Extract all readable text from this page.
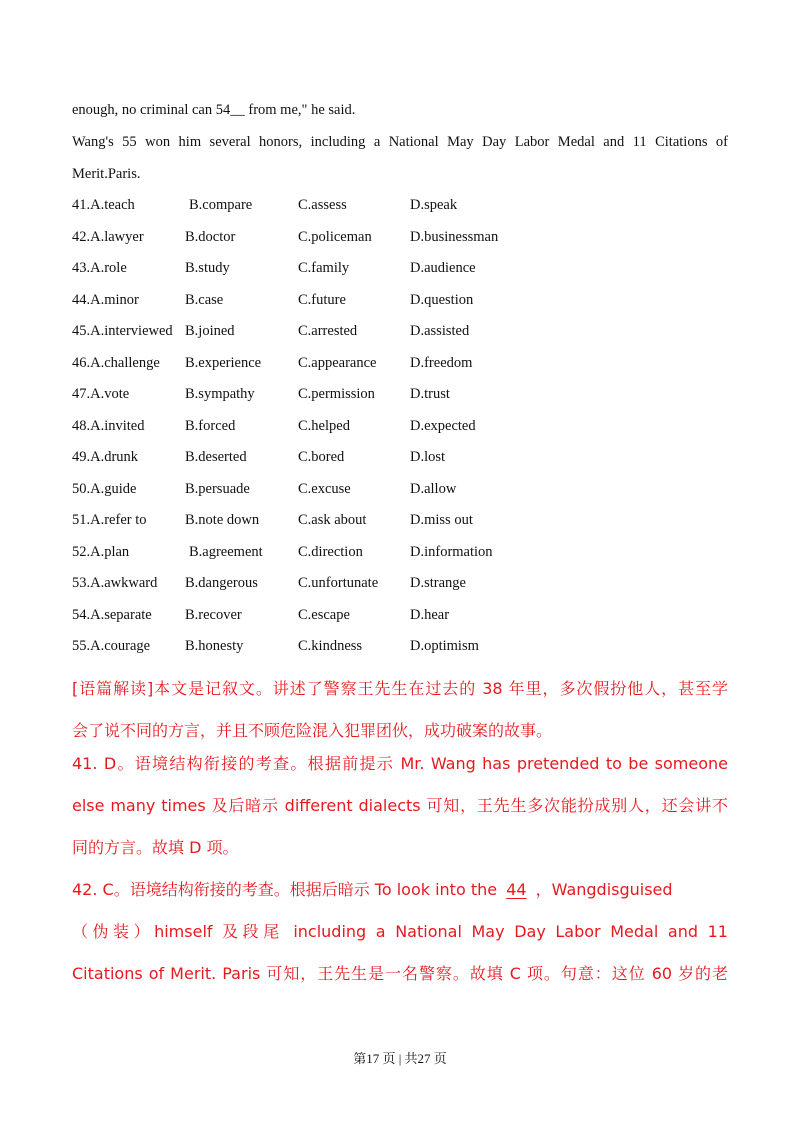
enough, no criminal can 54__ from me," he said.
Wang's 55 won him several honors, including a National May Day Labor Medal and 11 Citations of
Merit.Paris.
41.A.teach	B.compare	C.assess	D.speak
42.A.lawyer	B.doctor	C.policeman	D.businessman
43.A.role	B.study	C.family	D.audience
44.A.minor	B.case	C.future	D.question
45.A.interviewed B.joined	C.arrested	D.assisted
46.A.challenge B.experience	C.appearance D.freedom
47.A.vote	B.sympathy	C.permission D.trust
48.A.invited	B.forced	C.helped	D.expected
49.A.drunk	B.deserted	C.bored	D.lost
50.A.guide	B.persuade	C.excuse	D.allow
51.A.refer to	B.note down	C.ask about	D.miss out
52.A.plan	B.agreement C.direction	D.information
53.A.awkward B.dangerous	C.unfortunate D.strange
54.A.separate B.recover	C.escape	D.hear
55.A.courage B.honesty	C.kindness	D.optimism
[语篇解读]本文是记叙文。讲述了警察王先生在过去的 38 年里，多次假扮他人，甚至学
会了说不同的方言，并且不顾危险混入犯罪团伙，成功破案的故事。
41. D。语境结构衔接的考查。根据前提示 Mr. Wang has pretended to be someone
else many times 及后暗示 different dialects 可知，王先生多次能扮成别人，还会讲不
同的方言。故填 D 项。
42. C。语境结构衔接的考查。根据后暗示 To look into the 44 ，Wangdisguised
（伪装）himself 及段尾 including a National May Day Labor Medal and 11
Citations of Merit. Paris 可知，王先生是一名警察。故填 C 项。句意：这位 60 岁的老
第17 页 | 共27 页
